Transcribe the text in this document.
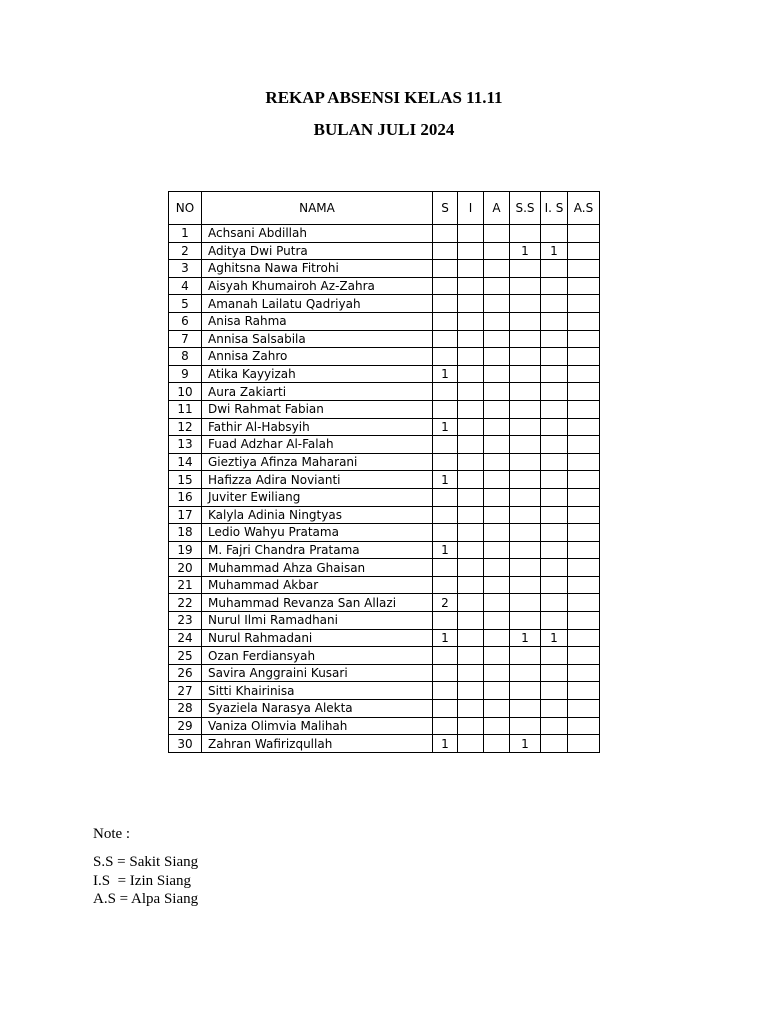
REKAP ABSENSI KELAS 11.11
BULAN JULI 2024
NO	NAMA	S	I	A	S.S	I. S	A.S
1	Achsani Abdillah						
2	Aditya Dwi Putra				1	1	
3	Aghitsna Nawa Fitrohi						
4	Aisyah Khumairoh Az-Zahra						
5	Amanah Lailatu Qadriyah						
6	Anisa Rahma						
7	Annisa Salsabila						
8	Annisa Zahro						
9	Atika Kayyizah	1					
10	Aura Zakiarti						
11	Dwi Rahmat Fabian						
12	Fathir Al-Habsyih	1					
13	Fuad Adzhar Al-Falah						
14	Gieztiya Afinza Maharani						
15	Hafizza Adira Novianti	1					
16	Juviter Ewiliang						
17	Kalyla Adinia Ningtyas						
18	Ledio Wahyu Pratama						
19	M. Fajri Chandra Pratama	1					
20	Muhammad Ahza Ghaisan						
21	Muhammad Akbar						
22	Muhammad Revanza San Allazi	2					
23	Nurul Ilmi Ramadhani						
24	Nurul Rahmadani	1			1	1	
25	Ozan Ferdiansyah						
26	Savira Anggraini Kusari						
27	Sitti Khairinisa						
28	Syaziela Narasya Alekta						
29	Vaniza Olimvia Malihah						
30	Zahran Wafirizqullah	1			1		
Note :
S.S = Sakit Siang
I.S  = Izin Siang
A.S = Alpa Siang
